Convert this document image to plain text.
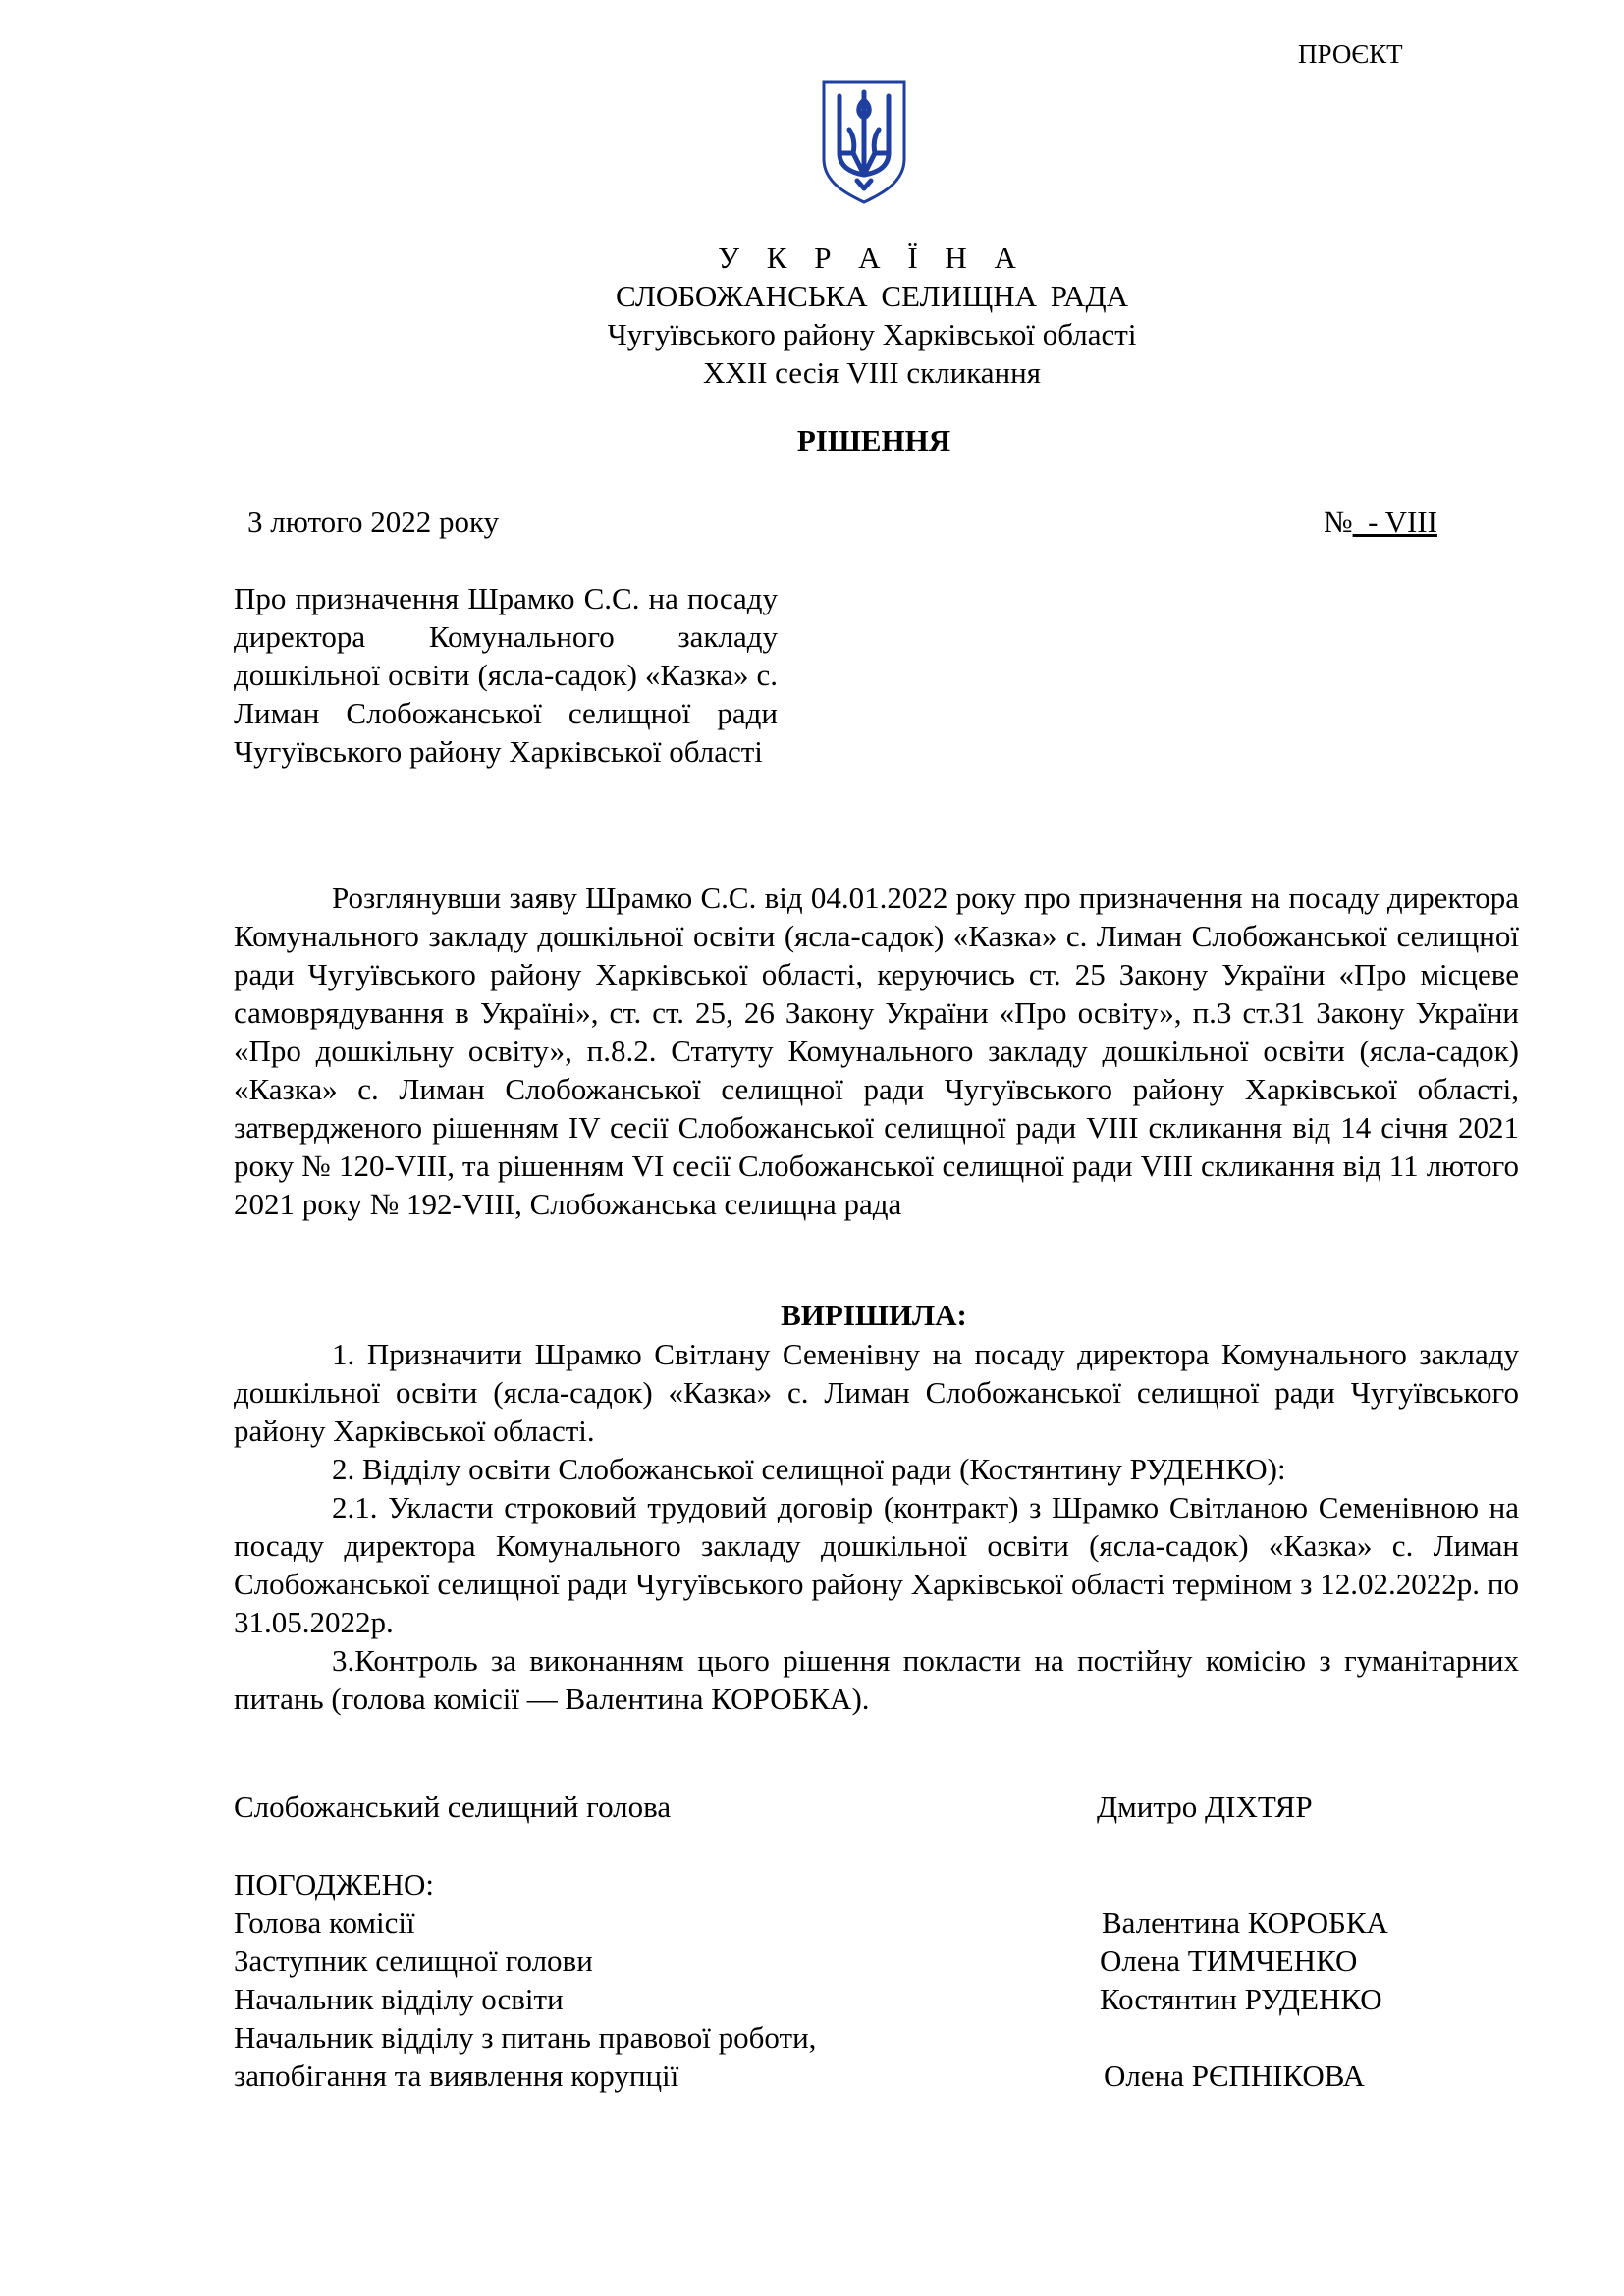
ПРОЄКТ
У К Р А Ї Н А
СЛОБОЖАНСЬКА СЕЛИЩНА РАДА
Чугуївського району Харківської області
XXII сесія VIII скликання
РІШЕННЯ
3 лютого 2022 року	№  - VIII

Про призначення Шрамко С.С. на посаду директора Комунального закладу дошкільної освіти (ясла-садок) «Казка» с. Лиман Слобожанської селищної ради Чугуївського району Харківської області

Розглянувши заяву Шрамко С.С. від 04.01.2022 року про призначення на посаду директора Комунального закладу дошкільної освіти (ясла-садок) «Казка» с. Лиман Слобожанської селищної ради Чугуївського району Харківської області, керуючись ст. 25 Закону України «Про місцеве самоврядування в Україні», ст. ст. 25, 26 Закону України «Про освіту», п.3 ст.31 Закону України «Про дошкільну освіту», п.8.2. Статуту Комунального закладу дошкільної освіти (ясла-садок) «Казка» с. Лиман Слобожанської селищної ради Чугуївського району Харківської області, затвердженого рішенням IV сесії Слобожанської селищної ради VIII скликання від 14 січня 2021 року № 120-VIII, та рішенням VI сесії Слобожанської селищної ради VIII скликання від 11 лютого 2021 року № 192-VIII, Слобожанська селищна рада
ВИРІШИЛА:

1. Призначити Шрамко Світлану Семенівну на посаду директора Комунального закладу дошкільної освіти (ясла-садок) «Казка» с. Лиман Слобожанської селищної ради Чугуївського району Харківської області.

2. Відділу освіти Слобожанської селищної ради (Костянтину РУДЕНКО):

2.1. Укласти строковий трудовий договір (контракт) з Шрамко Світланою Семенівною на посаду директора Комунального закладу дошкільної освіти (ясла-садок) «Казка» с. Лиман Слобожанської селищної ради Чугуївського району Харківської області терміном з 12.02.2022р. по 31.05.2022р.

3.Контроль за виконанням цього рішення покласти на постійну комісію з гуманітарних питань (голова комісії — Валентина КОРОБКА).

Слобожанський селищний голова	Дмитро ДІХТЯР
ПОГОДЖЕНО:
Голова комісії	Валентина КОРОБКА
Заступник селищної голови	Олена ТИМЧЕНКО
Начальник відділу освіти	Костянтин РУДЕНКО
Начальник відділу з питань правової роботи,
запобігання та виявлення корупції	Олена РЄПНІКОВА
